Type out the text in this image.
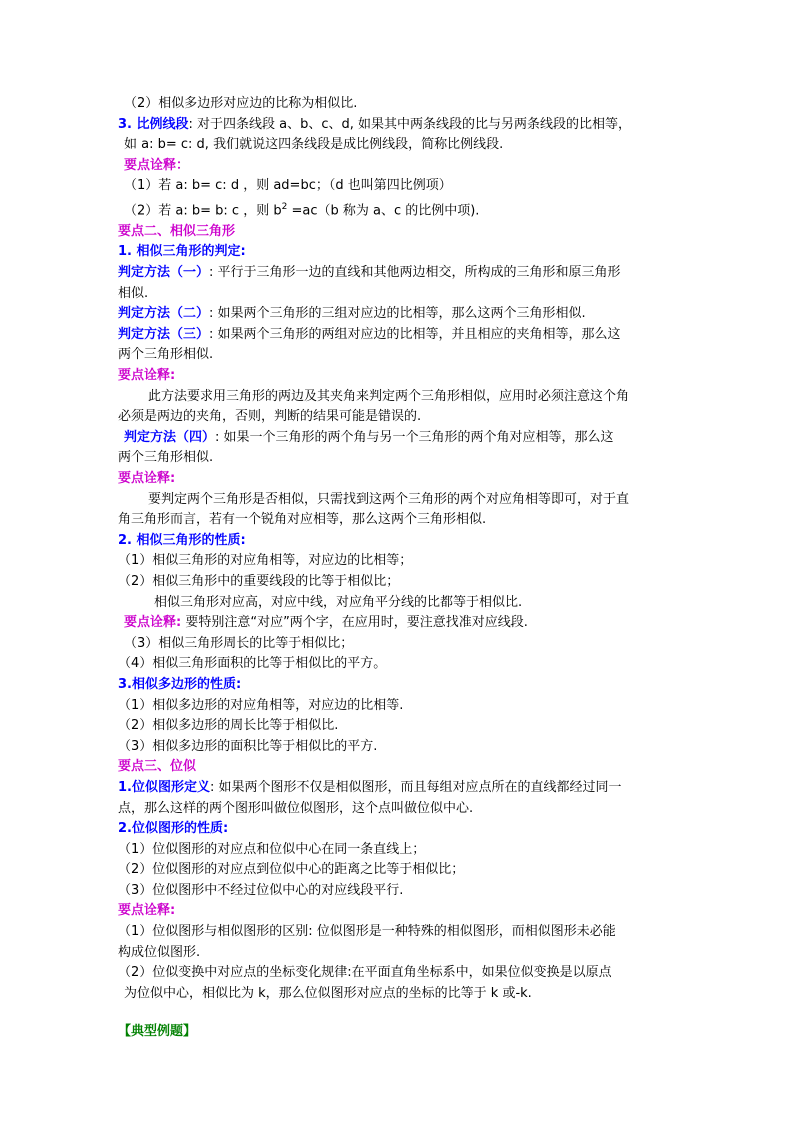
（2）相似多边形对应边的比称为相似比.
3. 比例线段: 对于四条线段 a、b、c、d, 如果其中两条线段的比与另两条线段的比相等，
如 a: b= c: d, 我们就说这四条线段是成比例线段，简称比例线段.
要点诠释：
（1）若 a: b= c: d ，则 ad=bc；（d 也叫第四比例项）
（2）若 a: b= b: c ，则 $b^2 =ac(b$ 称为 a、c 的比例中项).
要点二、相似三角形
1. 相似三角形的判定:
判定方法（一）: 平行于三角形一边的直线和其他两边相交，所构成的三角形和原三角形
相似.
判定方法（二）: 如果两个三角形的三组对应边的比相等，那么这两个三角形相似.
判定方法（三）: 如果两个三角形的两组对应边的比相等，并且相应的夹角相等，那么这
两个三角形相似.
要点诠释:
此方法要求用三角形的两边及其夹角来判定两个三角形相似，应用时必须注意这个角
必须是两边的夹角，否则，判断的结果可能是错误的.
判定方法（四）: 如果一个三角形的两个角与另一个三角形的两个角对应相等，那么这
两个三角形相似.
要点诠释:
要判定两个三角形是否相似，只需找到这两个三角形的两个对应角相等即可，对于直
角三角形而言，若有一个锐角对应相等，那么这两个三角形相似.
2. 相似三角形的性质:
（1）相似三角形的对应角相等，对应边的比相等；
（2）相似三角形中的重要线段的比等于相似比；
相似三角形对应高，对应中线，对应角平分线的比都等于相似比.
要点诠释: 要特别注意“对应”两个字，在应用时，要注意找准对应线段.
（3）相似三角形周长的比等于相似比；
（4）相似三角形面积的比等于相似比的平方。
3.相似多边形的性质:
（1）相似多边形的对应角相等，对应边的比相等.
（2）相似多边形的周长比等于相似比.
（3）相似多边形的面积比等于相似比的平方.
要点三、位似
1.位似图形定义: 如果两个图形不仅是相似图形，而且每组对应点所在的直线都经过同一
点，那么这样的两个图形叫做位似图形，这个点叫做位似中心.
2.位似图形的性质:
（1）位似图形的对应点和位似中心在同一条直线上；
（2）位似图形的对应点到位似中心的距离之比等于相似比；
（3）位似图形中不经过位似中心的对应线段平行.
要点诠释:
（1）位似图形与相似图形的区别: 位似图形是一种特殊的相似图形，而相似图形未必能
构成位似图形.
（2）位似变换中对应点的坐标变化规律:在平面直角坐标系中，如果位似变换是以原点
为位似中心，相似比为 k，那么位似图形对应点的坐标的比等于 k 或-k.
【典型例题】
